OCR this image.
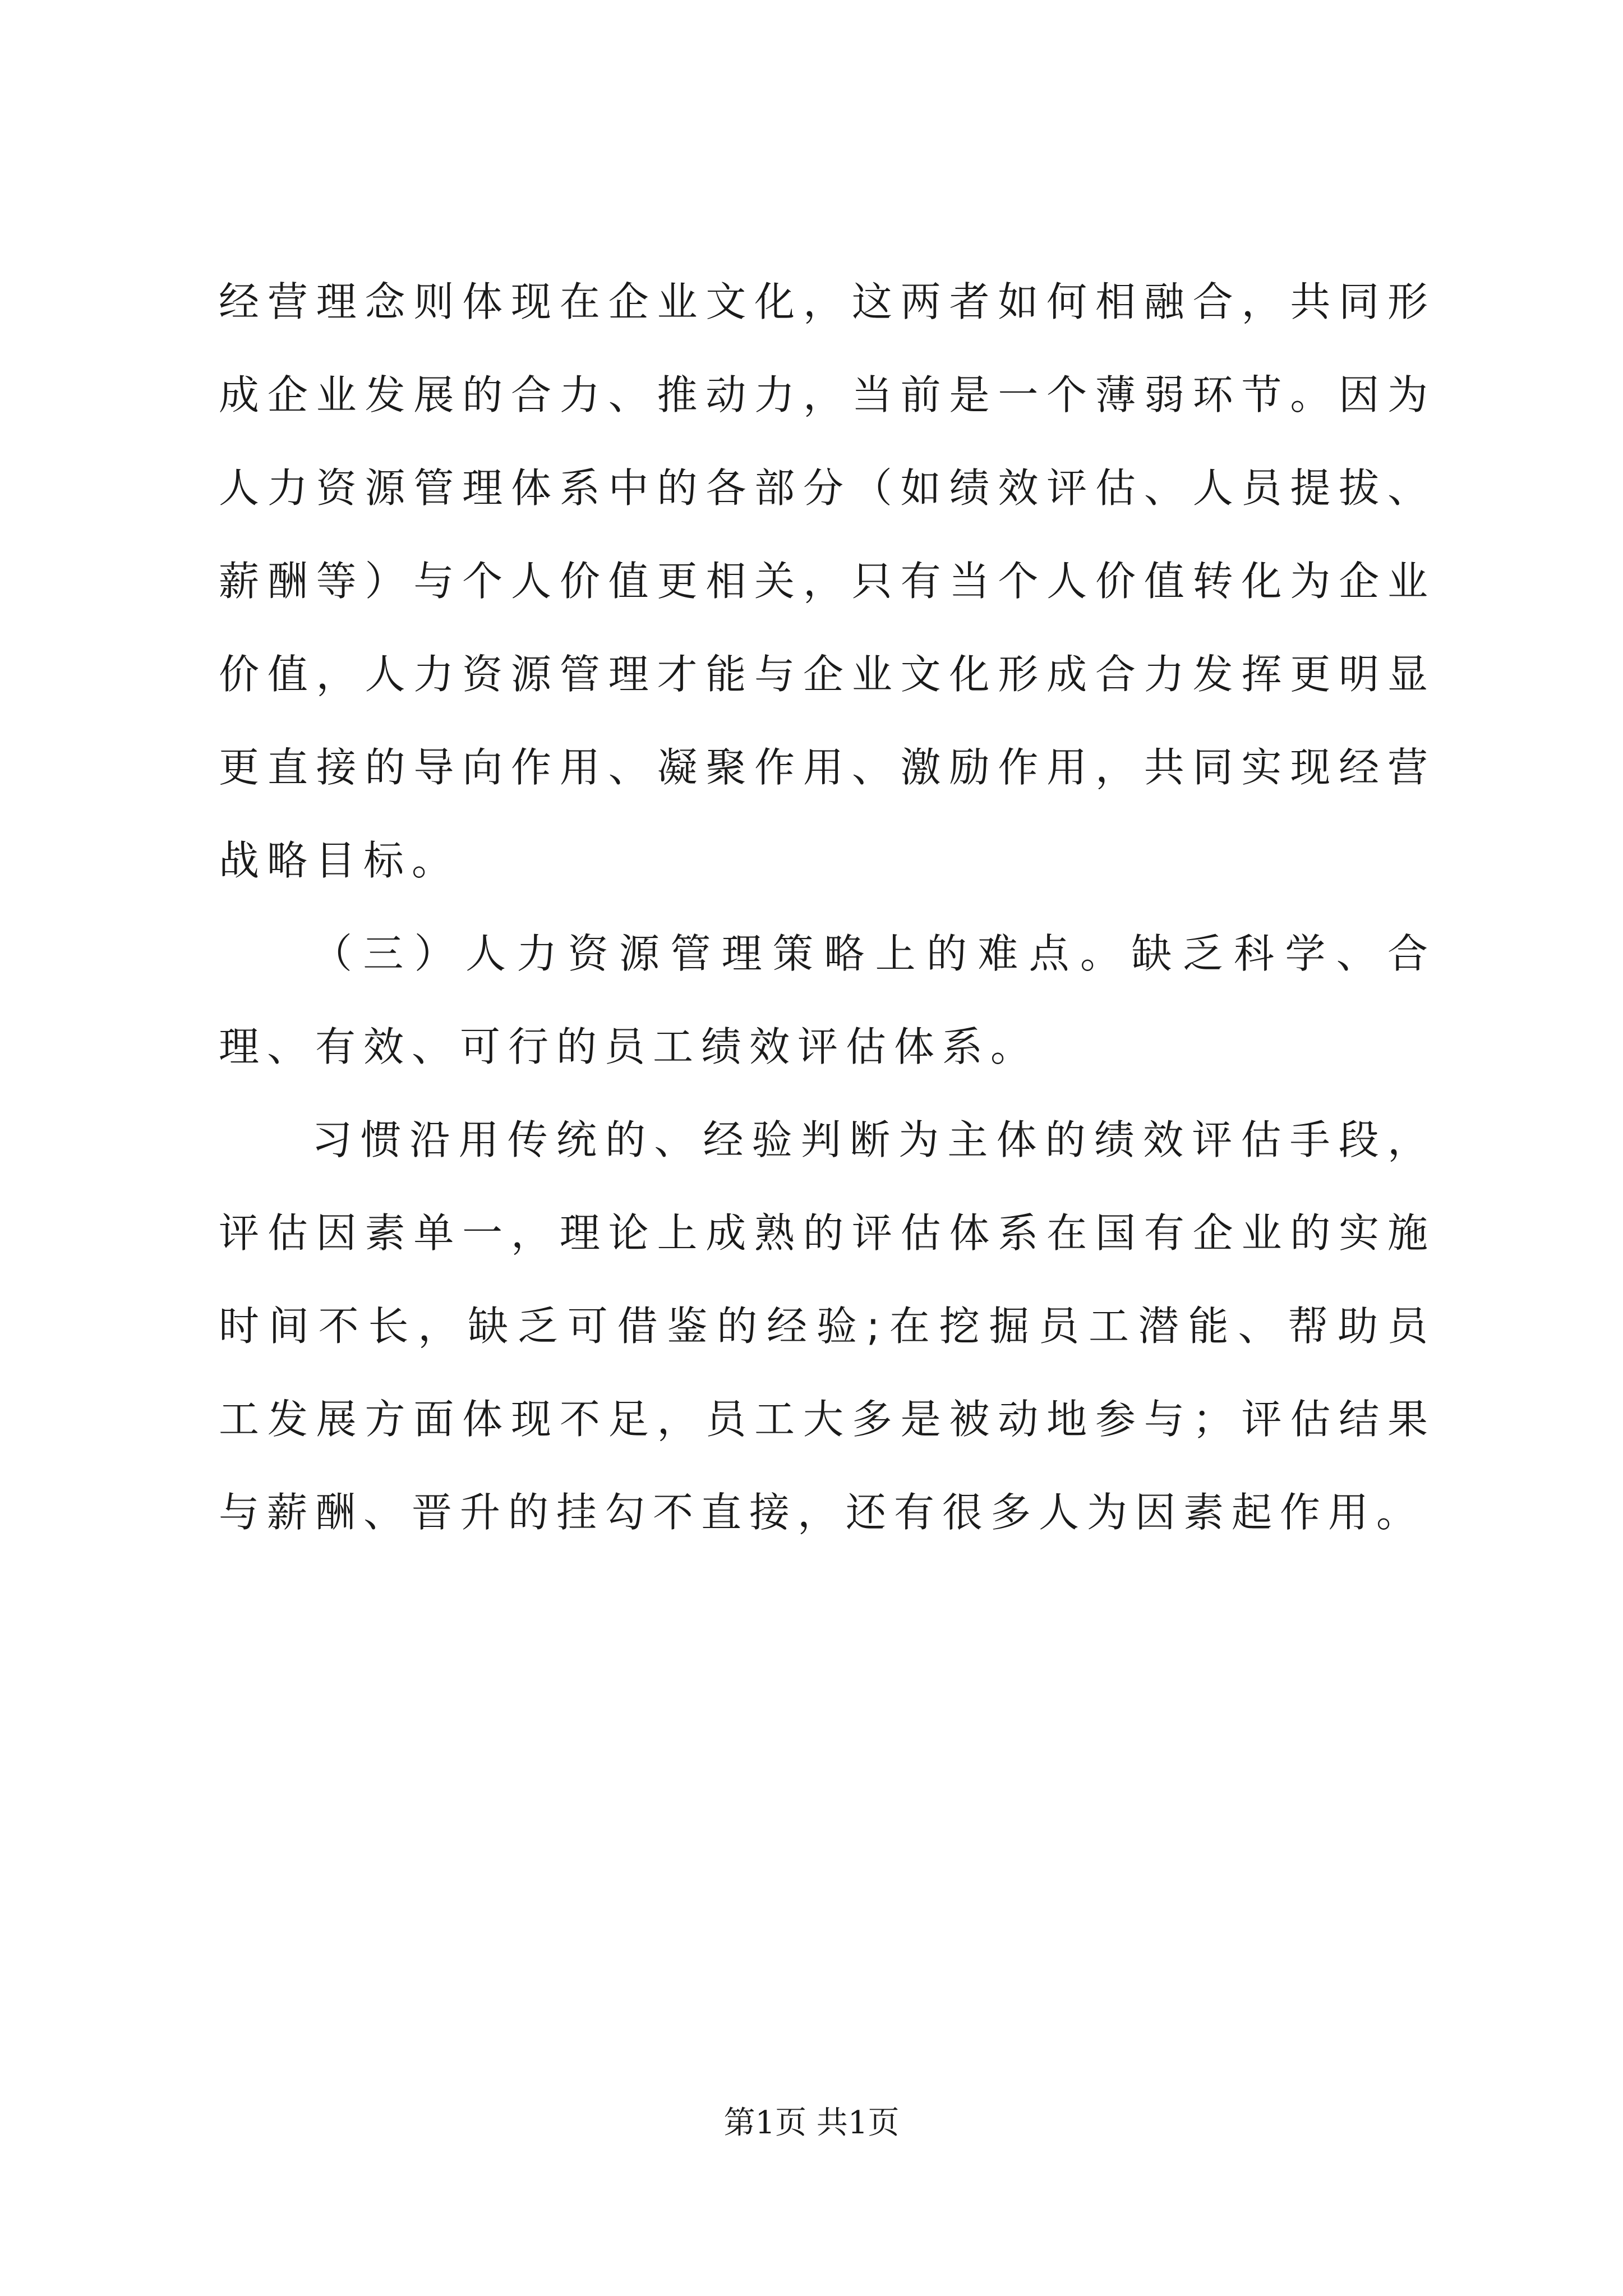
经营理念则体现在企业文化，这两者如何相融合，共同形成企业发展的合力、推动力，当前是一个薄弱环节。因为人力资源管理体系中的各部分（如绩效评估、人员提拔、薪酬等）与个人价值更相关，只有当个人价值转化为企业价值，人力资源管理才能与企业文化形成合力发挥更明显更直接的导向作用、凝聚作用、激励作用，共同实现经营战略目标。

（三）人力资源管理策略上的难点。缺乏科学、合理、有效、可行的员工绩效评估体系。

习惯沿用传统的、经验判断为主体的绩效评估手段，评估因素单一，理论上成熟的评估体系在国有企业的实施时间不长，缺乏可借鉴的经验;在挖掘员工潜能、帮助员工发展方面体现不足，员工大多是被动地参与；评估结果与薪酬、晋升的挂勾不直接，还有很多人为因素起作用。

第1页 共1页
